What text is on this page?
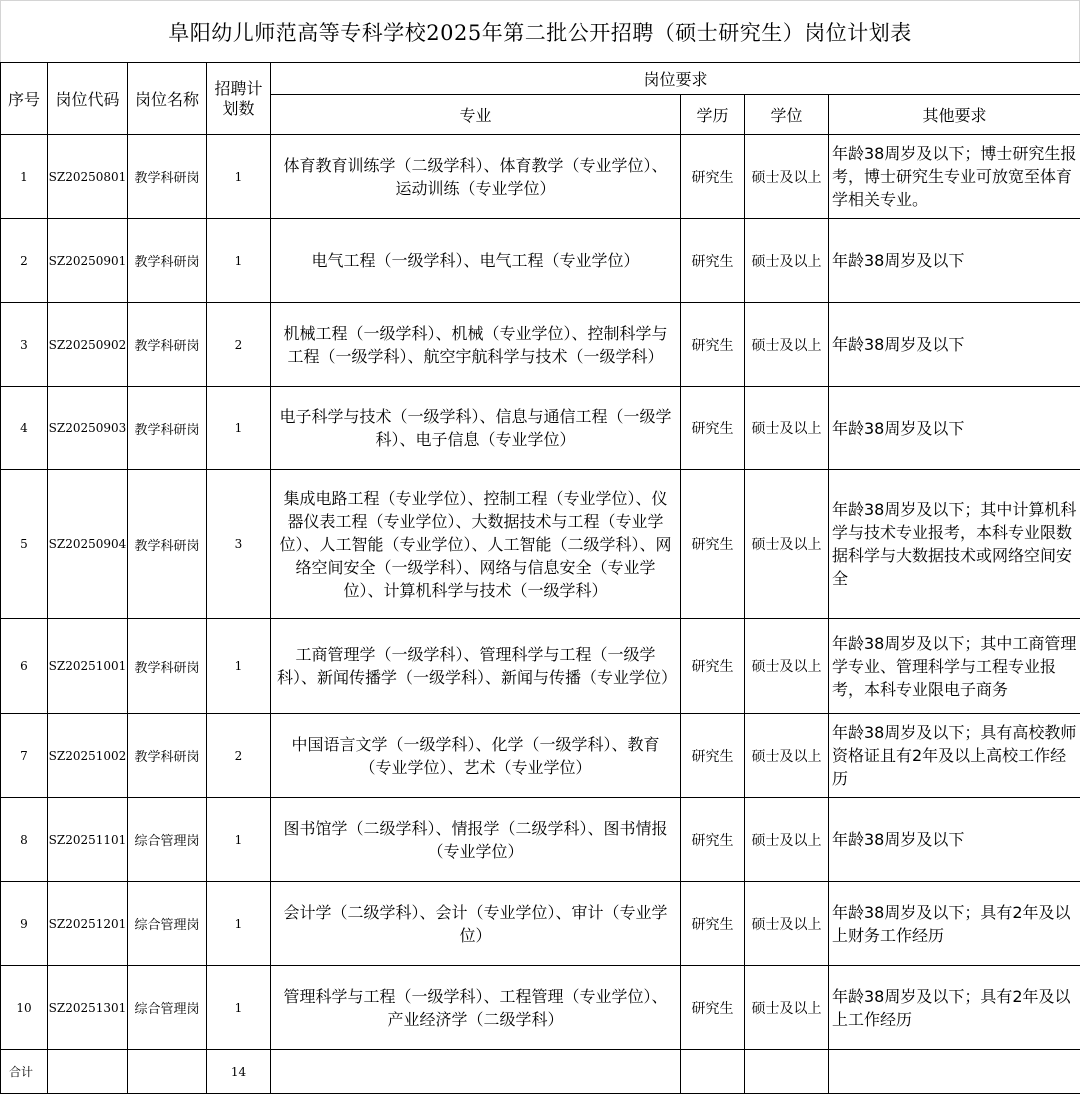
阜阳幼儿师范高等专科学校2025年第二批公开招聘（硕士研究生）岗位计划表
序号	岗位代码	岗位名称	招聘计划数	岗位要求			
				专业	学历	学位	其他要求
1	SZ20250801	教学科研岗	1	体育教育训练学（二级学科）、体育教学（专业学位）、运动训练（专业学位）	研究生	硕士及以上	年龄38周岁及以下；博士研究生报考，博士研究生专业可放宽至体育学相关专业。
2	SZ20250901	教学科研岗	1	电气工程（一级学科）、电气工程（专业学位）	研究生	硕士及以上	年龄38周岁及以下
3	SZ20250902	教学科研岗	2	机械工程（一级学科）、机械（专业学位）、控制科学与工程（一级学科）、航空宇航科学与技术（一级学科）	研究生	硕士及以上	年龄38周岁及以下
4	SZ20250903	教学科研岗	1	电子科学与技术（一级学科）、信息与通信工程（一级学科）、电子信息（专业学位）	研究生	硕士及以上	年龄38周岁及以下
5	SZ20250904	教学科研岗	3	集成电路工程（专业学位）、控制工程（专业学位）、仪器仪表工程（专业学位）、大数据技术与工程（专业学位）、人工智能（专业学位）、人工智能（二级学科）、网络空间安全（一级学科）、网络与信息安全（专业学位）、计算机科学与技术（一级学科）	研究生	硕士及以上	年龄38周岁及以下；其中计算机科学与技术专业报考，本科专业限数据科学与大数据技术或网络空间安全
6	SZ20251001	教学科研岗	1	工商管理学（一级学科）、管理科学与工程（一级学科）、新闻传播学（一级学科）、新闻与传播（专业学位）	研究生	硕士及以上	年龄38周岁及以下；其中工商管理学专业、管理科学与工程专业报考，本科专业限电子商务
7	SZ20251002	教学科研岗	2	中国语言文学（一级学科）、化学（一级学科）、教育（专业学位）、艺术（专业学位）	研究生	硕士及以上	年龄38周岁及以下；具有高校教师资格证且有2年及以上高校工作经历
8	SZ20251101	综合管理岗	1	图书馆学（二级学科）、情报学（二级学科）、图书情报（专业学位）	研究生	硕士及以上	年龄38周岁及以下
9	SZ20251201	综合管理岗	1	会计学（二级学科）、会计（专业学位）、审计（专业学位）	研究生	硕士及以上	年龄38周岁及以下；具有2年及以上财务工作经历
10	SZ20251301	综合管理岗	1	管理科学与工程（一级学科）、工程管理（专业学位）、产业经济学（二级学科）	研究生	硕士及以上	年龄38周岁及以下；具有2年及以上工作经历
合计			14				
